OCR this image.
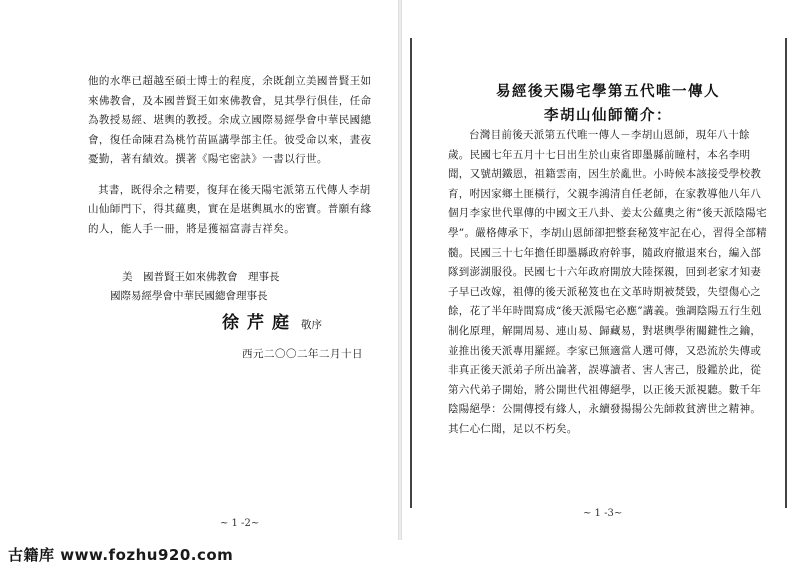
他的水準已超越至碩士博士的程度，余既創立美國普賢王如來佛教會，及本國普賢王如來佛教會，見其學行俱佳，任命為教授易經、堪輿的教授。余成立國際易經學會中華民國總會，復任命陳君為桃竹苗區講學部主任。彼受命以來，晝夜憂勤，著有績效。撰著《陽宅密訣》一書以行世。

其書，既得余之精要，復拜在後天陽宅派第五代傳人李胡山仙師門下，得其蘊奧，實在是堪輿風水的密寶。普願有緣的人，能人手一冊，將是獲福富壽吉祥矣。

美　國普賢王如來佛教會　理事長
國際易經學會中華民國總會理事長
徐芹庭 敬序
西元二〇〇二年二月十日
~ 1 -2~
易經後天陽宅學第五代唯一傳人
李胡山仙師簡介：

台灣目前後天派第五代唯一傳人－李胡山恩師，現年八十餘歲。民國七年五月十七日出生於山東省即墨縣前瞳村，本名李明聞，又號胡鐵恩，祖籍雲南，因生於亂世。小時候本該接受學校教育，咐因家鄉土匪橫行，父親李鴻清自任老師，在家教導他八年八個月李家世代單傳的中國文王八卦、姜太公蘊奧之術“後天派陰陽宅學”。嚴格傳承下，李胡山恩師卻把整套秘笈牢記在心，習得全部精髓。民國三十七年擔任即墨縣政府幹事，隨政府撤退來台，編入部隊到澎湖服役。民國七十六年政府開放大陸探親，回到老家才知妻子早已改嫁，祖傳的後天派秘笈也在文革時期被焚毀，失望傷心之餘，花了半年時間寫成“後天派陽宅必應”講義。強調陰陽五行生剋制化原理，解開周易、連山易、歸藏易，對堪輿學術關鍵性之鑰，並推出後天派專用羅經。李家已無適當人選可傳，又恐流於失傳或非真正後天派弟子所出論著，誤導讀者、害人害己，殷鑑於此，從第六代弟子開始，將公開世代祖傳絕學，以正後天派視聽。數千年陰陽絕學：公開傳授有緣人，永續發揚揚公先師救貧濟世之精神。其仁心仁聞，足以不朽矣。

~ 1 -3~
古籍库 www.fozhu920.com
